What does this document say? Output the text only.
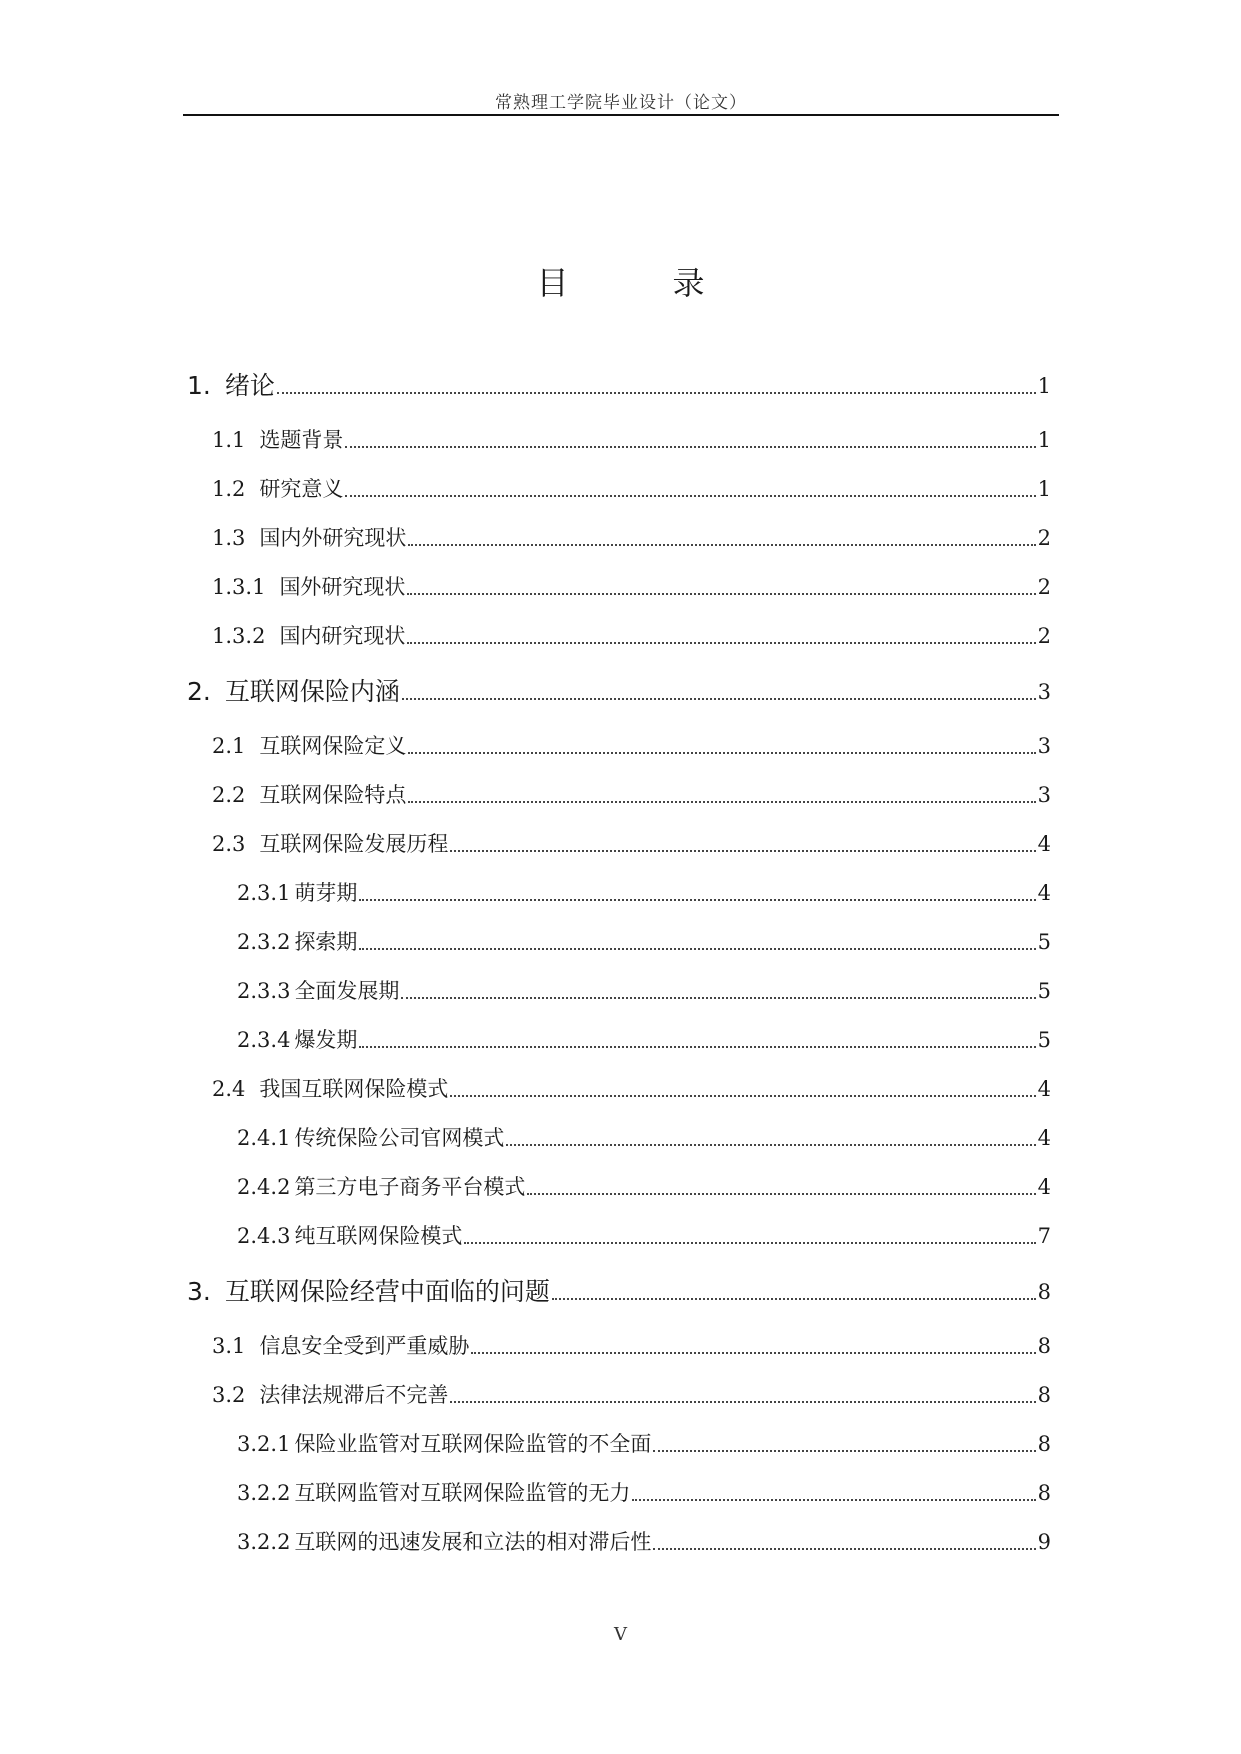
常熟理工学院毕业设计（论文）
目　录
1. 绪论	1
1.1 选题背景	1
1.2 研究意义	1
1.3 国内外研究现状	2
1.3.1 国外研究现状	2
1.3.2 国内研究现状	2
2. 互联网保险内涵	3
2.1 互联网保险定义	3
2.2 互联网保险特点	3
2.3 互联网保险发展历程	4
2.3.1 萌芽期	4
2.3.2 探索期	5
2.3.3 全面发展期	5
2.3.4 爆发期	5
2.4 我国互联网保险模式	4
2.4.1 传统保险公司官网模式	4
2.4.2 第三方电子商务平台模式	4
2.4.3 纯互联网保险模式	7
3. 互联网保险经营中面临的问题	8
3.1 信息安全受到严重威胁	8
3.2 法律法规滞后不完善	8
3.2.1 保险业监管对互联网保险监管的不全面	8
3.2.2 互联网监管对互联网保险监管的无力	8
3.2.2 互联网的迅速发展和立法的相对滞后性	9
V
